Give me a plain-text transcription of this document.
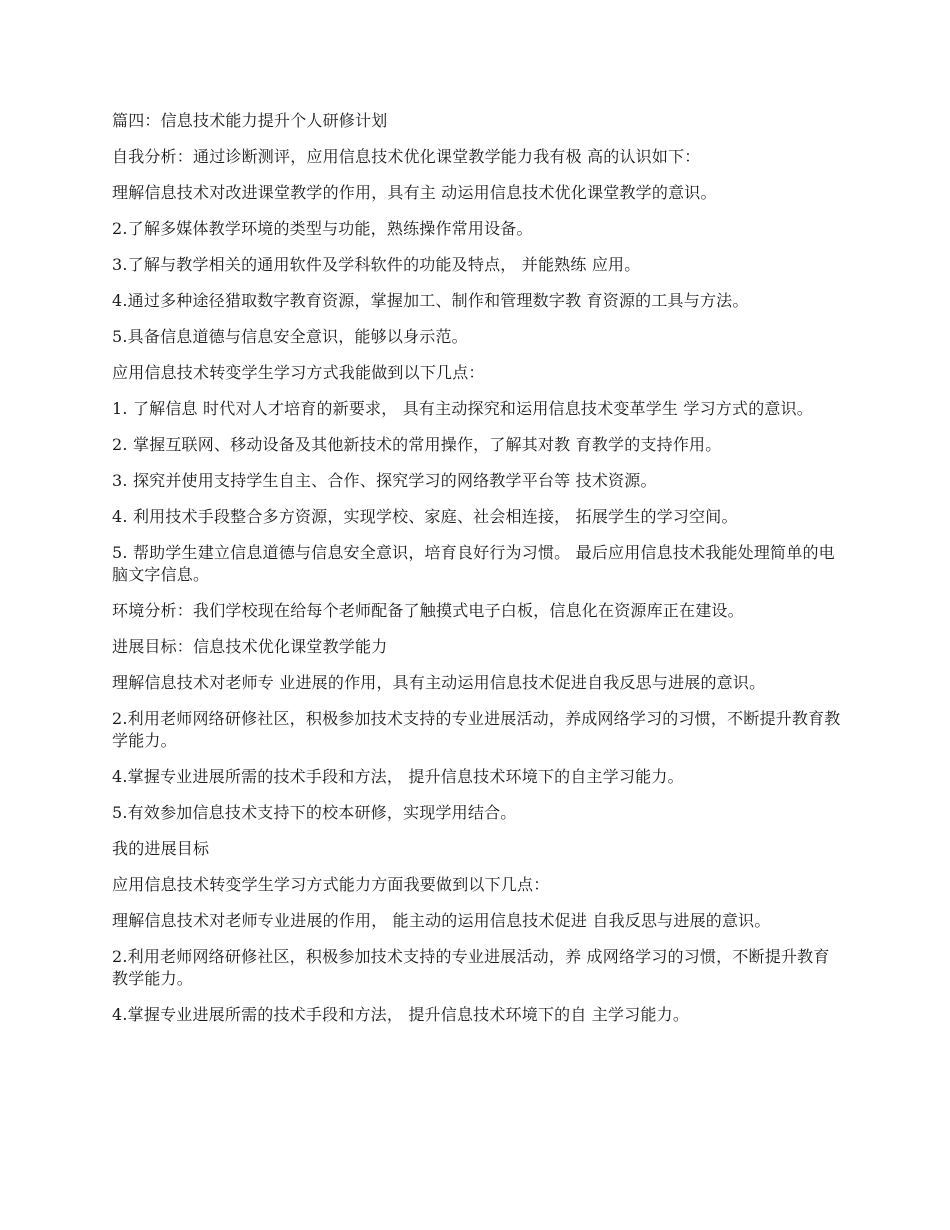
篇四：信息技术能力提升个人研修计划

自我分析：通过诊断测评，应用信息技术优化课堂教学能力我有极 高的认识如下：

理解信息技术对改进课堂教学的作用，具有主 动运用信息技术优化课堂教学的意识。

2.了解多媒体教学环境的类型与功能，熟练操作常用设备。

3.了解与教学相关的通用软件及学科软件的功能及特点， 并能熟练 应用。

4.通过多种途径猎取数字教育资源，掌握加工、制作和管理数字教 育资源的工具与方法。

5.具备信息道德与信息安全意识，能够以身示范。

应用信息技术转变学生学习方式我能做到以下几点：

1. 了解信息 时代对人才培育的新要求， 具有主动探究和运用信息技术变革学生 学习方式的意识。

2. 掌握互联网、移动设备及其他新技术的常用操作，了解其对教 育教学的支持作用。

3. 探究并使用支持学生自主、合作、探究学习的网络教学平台等 技术资源。

4. 利用技术手段整合多方资源，实现学校、家庭、社会相连接， 拓展学生的学习空间。

5. 帮助学生建立信息道德与信息安全意识，培育良好行为习惯。 最后应用信息技术我能处理简单的电脑文字信息。

环境分析：我们学校现在给每个老师配备了触摸式电子白板，信息化在资源库正在建设。

进展目标：信息技术优化课堂教学能力

理解信息技术对老师专 业进展的作用，具有主动运用信息技术促进自我反思与进展的意识。

2.利用老师网络研修社区，积极参加技术支持的专业进展活动，养成网络学习的习惯，不断提升教育教学能力。

4.掌握专业进展所需的技术手段和方法， 提升信息技术环境下的自主学习能力。

5.有效参加信息技术支持下的校本研修，实现学用结合。

我的进展目标

应用信息技术转变学生学习方式能力方面我要做到以下几点：

理解信息技术对老师专业进展的作用， 能主动的运用信息技术促进 自我反思与进展的意识。

2.利用老师网络研修社区，积极参加技术支持的专业进展活动，养 成网络学习的习惯，不断提升教育教学能力。

4.掌握专业进展所需的技术手段和方法， 提升信息技术环境下的自 主学习能力。
